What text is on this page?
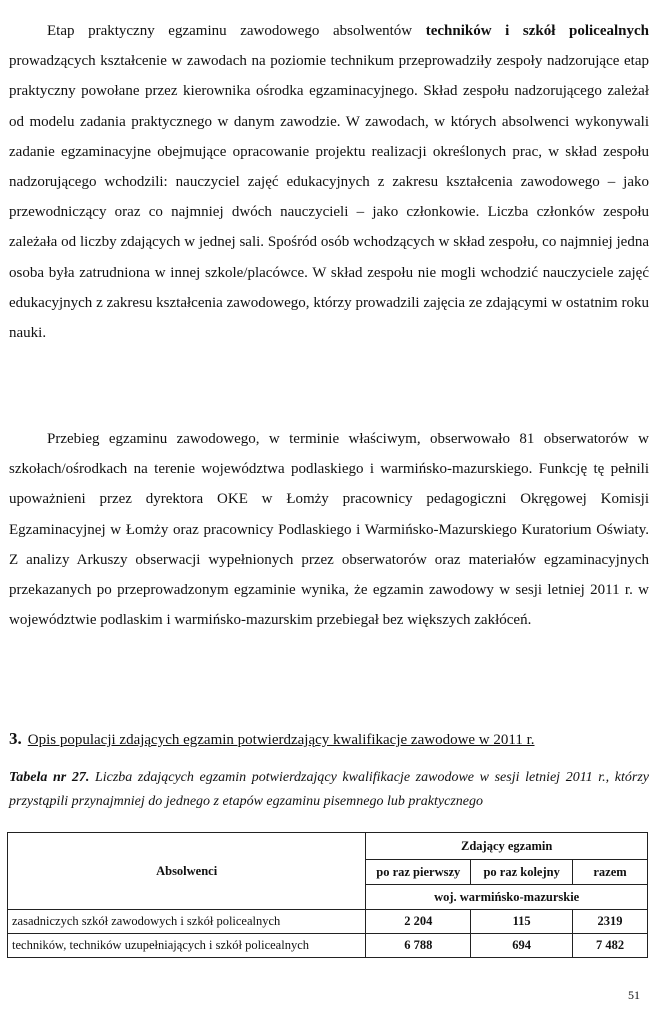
Etap praktyczny egzaminu zawodowego absolwentów techników i szkół policealnych prowadzących kształcenie w zawodach na poziomie technikum przeprowadziły zespoły nadzorujące etap praktyczny powołane przez kierownika ośrodka egzaminacyjnego. Skład zespołu nadzorującego zależał od modelu zadania praktycznego w danym zawodzie. W zawodach, w których absolwenci wykonywali zadanie egzaminacyjne obejmujące opracowanie projektu realizacji określonych prac, w skład zespołu nadzorującego wchodzili: nauczyciel zajęć edukacyjnych z zakresu kształcenia zawodowego – jako przewodniczący oraz co najmniej dwóch nauczycieli – jako członkowie. Liczba członków zespołu zależała od liczby zdających w jednej sali. Spośród osób wchodzących w skład zespołu, co najmniej jedna osoba była zatrudniona w innej szkole/placówce. W skład zespołu nie mogli wchodzić nauczyciele zajęć edukacyjnych z zakresu kształcenia zawodowego, którzy prowadzili zajęcia ze zdającymi w ostatnim roku nauki.

Przebieg egzaminu zawodowego, w terminie właściwym, obserwowało 81 obserwatorów w szkołach/ośrodkach na terenie województwa podlaskiego i warmińsko-mazurskiego. Funkcję tę pełnili upoważnieni przez dyrektora OKE w Łomży pracownicy pedagogiczni Okręgowej Komisji Egzaminacyjnej w Łomży oraz pracownicy Podlaskiego i Warmińsko-Mazurskiego Kuratorium Oświaty. Z analizy Arkuszy obserwacji wypełnionych przez obserwatorów oraz materiałów egzaminacyjnych przekazanych po przeprowadzonym egzaminie wynika, że egzamin zawodowy w sesji letniej 2011 r. w województwie podlaskim i warmińsko-mazurskim przebiegał bez większych zakłóceń.

3. Opis populacji zdających egzamin potwierdzający kwalifikacje zawodowe w 2011 r.

Tabela nr 27. Liczba zdających egzamin potwierdzający kwalifikacje zawodowe w sesji letniej 2011 r., którzy przystąpili przynajmniej do jednego z etapów egzaminu pisemnego lub praktycznego

Absolwenci	Zdający egzamin		
	po raz pierwszy	po raz kolejny	razem
	woj. warmińsko-mazurskie		
zasadniczych szkół zawodowych i szkół policealnych	2 204	115	2319
techników, techników uzupełniających i szkół policealnych	6 788	694	7 482
51
